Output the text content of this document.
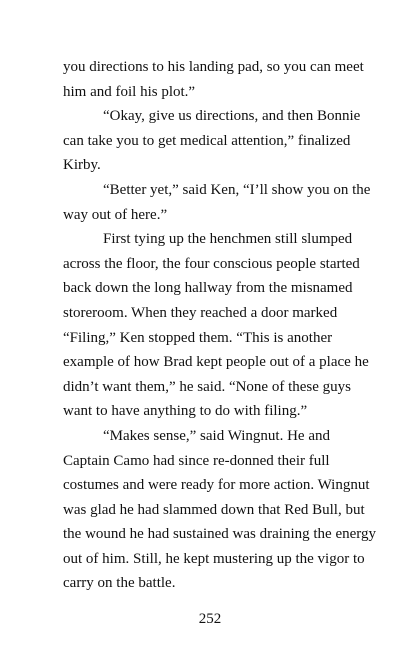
you directions to his landing pad, so you can meet
him and foil his plot.”
“Okay, give us directions, and then Bonnie
can take you to get medical attention,” finalized
Kirby.
“Better yet,” said Ken, “I’ll show you on the
way out of here.”
First tying up the henchmen still slumped
across the floor, the four conscious people started
back down the long hallway from the misnamed
storeroom. When they reached a door marked
“Filing,” Ken stopped them. “This is another
example of how Brad kept people out of a place he
didn’t want them,” he said. “None of these guys
want to have anything to do with filing.”
“Makes sense,” said Wingnut. He and
Captain Camo had since re-donned their full
costumes and were ready for more action. Wingnut
was glad he had slammed down that Red Bull, but
the wound he had sustained was draining the energy
out of him. Still, he kept mustering up the vigor to
carry on the battle.
252
